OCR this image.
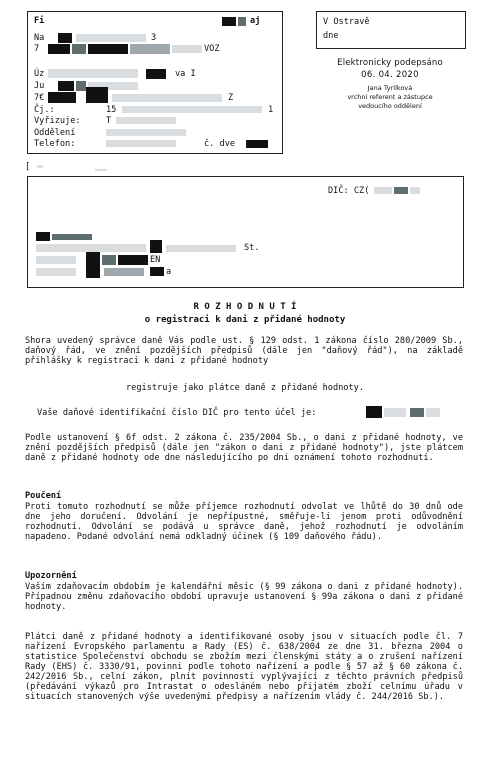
Fi	aj
Na	3
7	VOZ
Úz	va I
Ju
7€	Z
Čj.:	15	1
Vyřizuje:	T
Oddělení
Telefon:	č. dve
V Ostravě
dne
Elektronicky podepsáno
06. 04. 2020
Jana Tyrlíková
vrchní referent a zástupce
vedoucího oddělení
[
DIČ: CZ(
St.
EN
a
R O Z H O D N U T Í
o registraci k dani z přidané hodnoty
Shora uvedený správce daně Vás podle ust. § 129 odst. 1 zákona číslo 280/2009 Sb., daňový řád, ve znění pozdějších předpisů (dále jen "daňový řád"), na základě přihlášky k registraci k dani z přidané hodnoty
registruje jako plátce daně z přidané hodnoty.
Vaše daňové identifikační číslo DIČ pro tento účel je:
Podle ustanovení § 6f odst. 2 zákona č. 235/2004 Sb., o dani z přidané hodnoty, ve znění pozdějších předpisů (dále jen "zákon o dani z přidané hodnoty"), jste plátcem daně z přidané hodnoty ode dne následujícího po dni oznámení tohoto rozhodnutí.
Poučení
Proti tomuto rozhodnutí se může příjemce rozhodnutí odvolat ve lhůtě do 30 dnů ode dne jeho doručení. Odvolání je nepřípustné, směřuje-li jenom proti odůvodnění rozhodnutí. Odvolání se podává u správce daně, jehož rozhodnutí je odvoláním napadeno. Podané odvolání nemá odkladný účinek (§ 109 daňového řádu).
Upozornění
Vaším zdaňovacím obdobím je kalendářní měsíc (§ 99 zákona o dani z přidané hodnoty). Případnou změnu zdaňovacího období upravuje ustanovení § 99a zákona o dani z přidané hodnoty.
Plátci daně z přidané hodnoty a identifikované osoby jsou v situacích podle čl. 7 nařízení Evropského parlamentu a Rady (ES) č. 638/2004 ze dne 31. března 2004 o statistice Společenství obchodu se zbožím mezi členskými státy a o zrušení nařízení Rady (EHS) č. 3330/91, povinni podle tohoto nařízení a podle § 57 až § 60 zákona č. 242/2016 Sb., celní zákon, plnit povinnosti vyplývající z těchto právních předpisů (předávání výkazů pro Intrastat o odesláném nebo přijatém zboží celnímu úřadu v situacích stanovených výše uvedenými předpisy a nařízením vlády č. 244/2016 Sb.).
